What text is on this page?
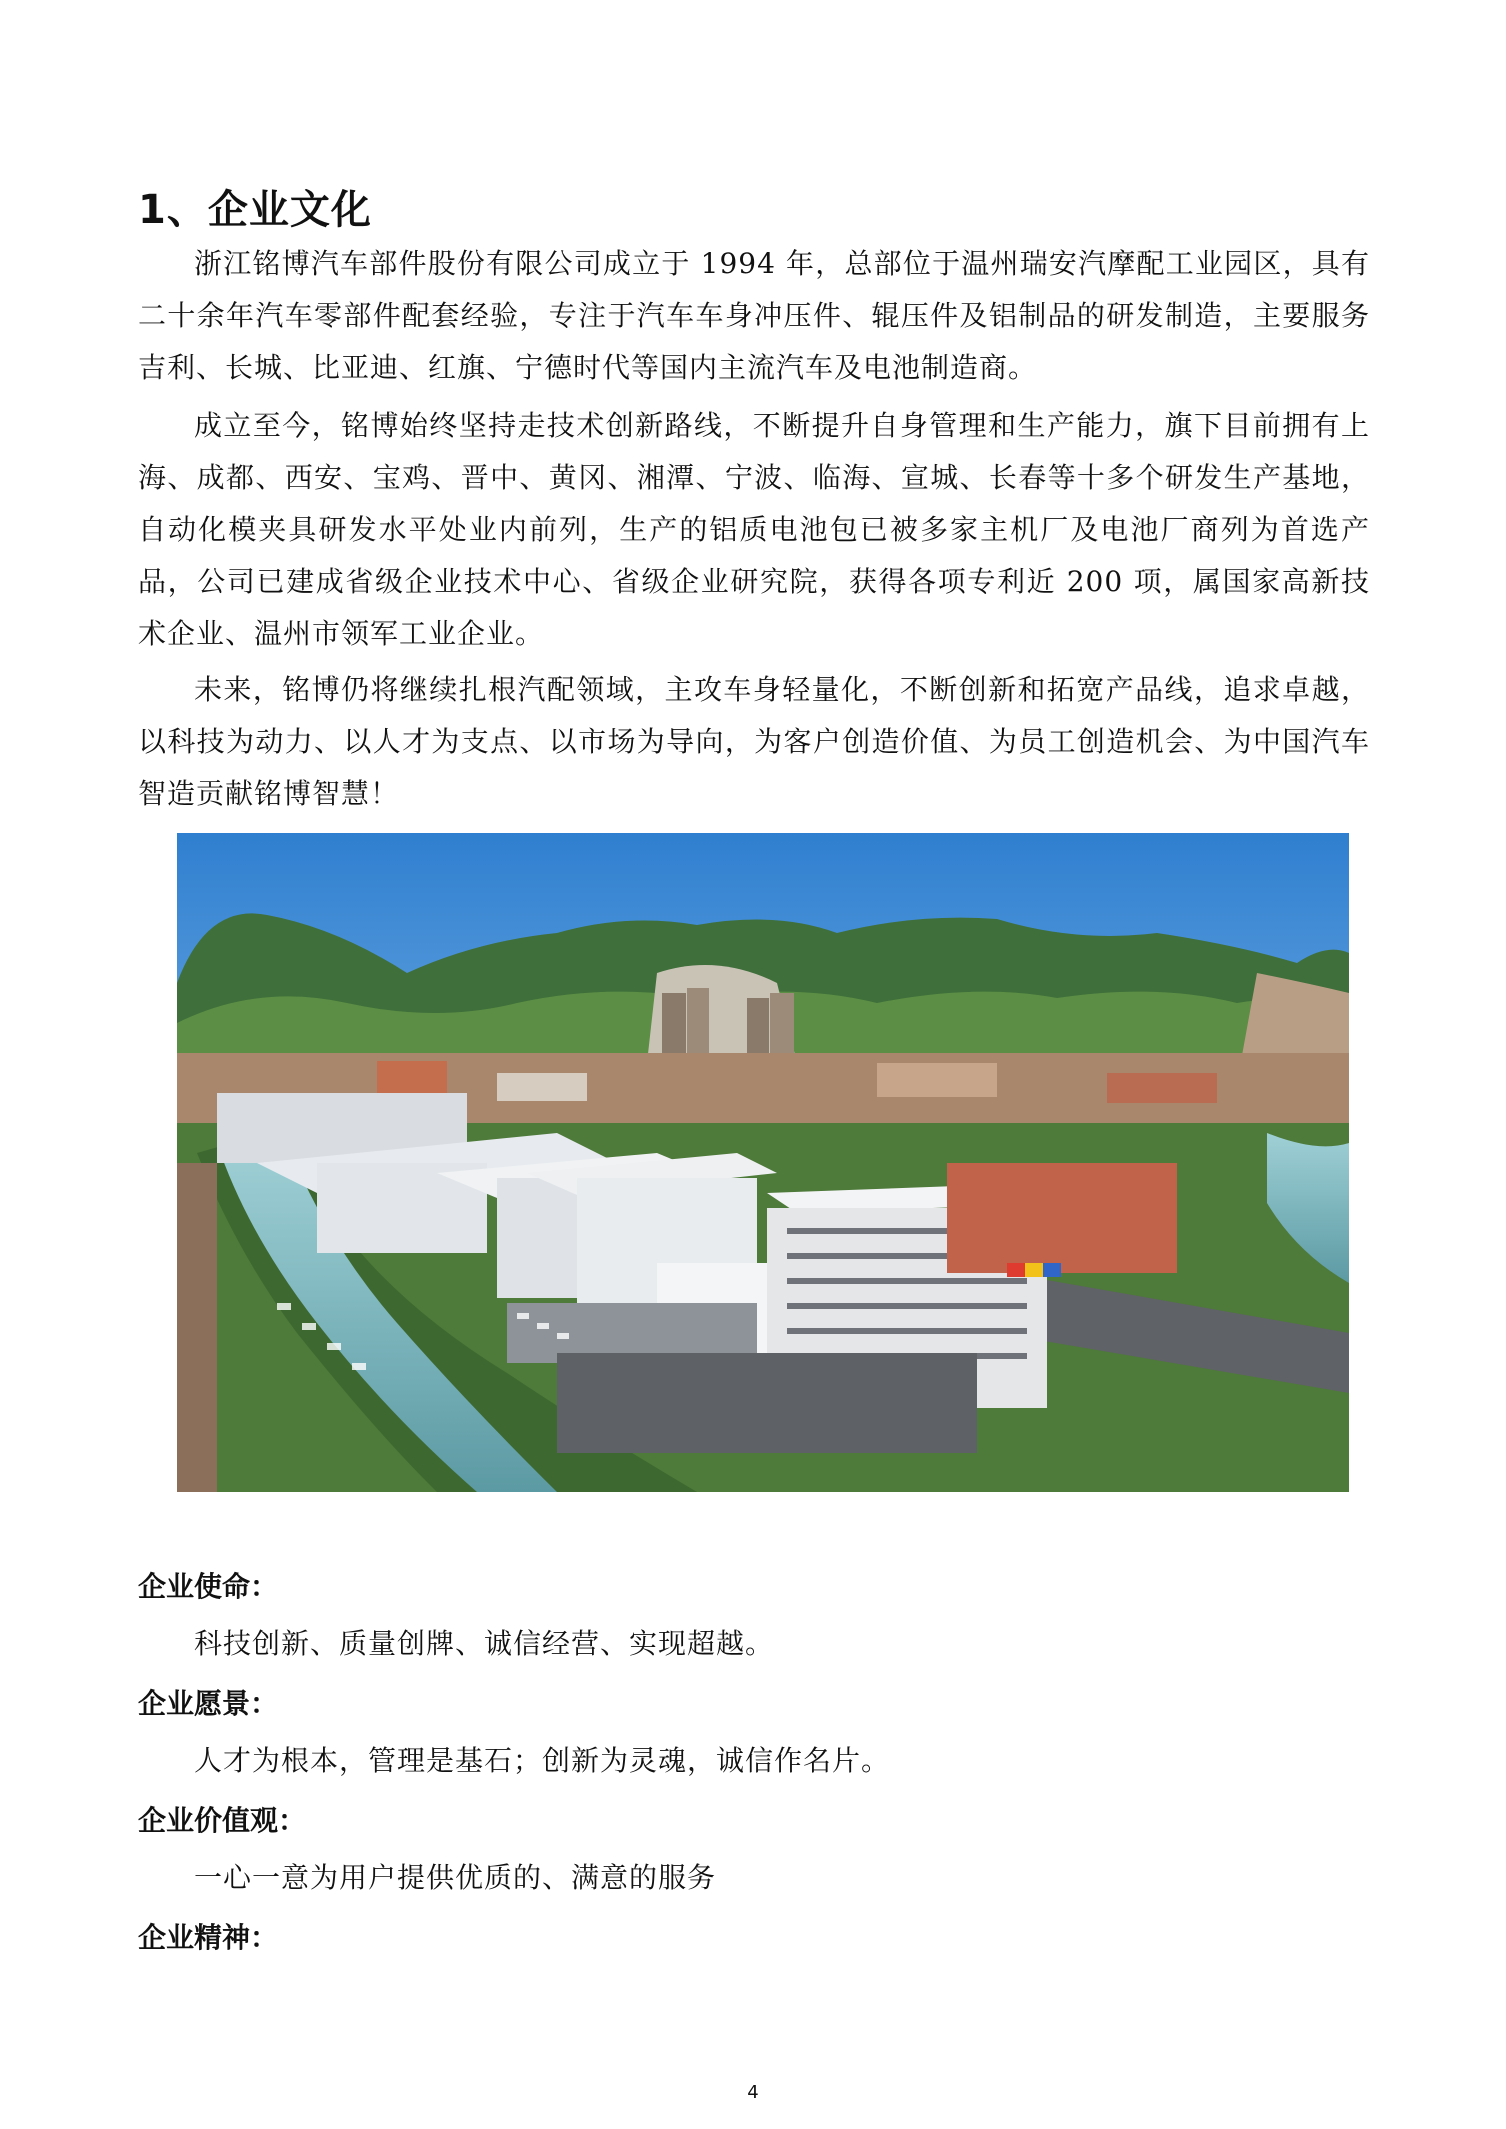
1、企业文化

浙江铭博汽车部件股份有限公司成立于 1994 年，总部位于温州瑞安汽摩配工业园区，具有二十余年汽车零部件配套经验，专注于汽车车身冲压件、辊压件及铝制品的研发制造，主要服务吉利、长城、比亚迪、红旗、宁德时代等国内主流汽车及电池制造商。

成立至今，铭博始终坚持走技术创新路线，不断提升自身管理和生产能力，旗下目前拥有上海、成都、西安、宝鸡、晋中、黄冈、湘潭、宁波、临海、宣城、长春等十多个研发生产基地，自动化模夹具研发水平处业内前列，生产的铝质电池包已被多家主机厂及电池厂商列为首选产品，公司已建成省级企业技术中心、省级企业研究院，获得各项专利近 200 项，属国家高新技术企业、温州市领军工业企业。

未来，铭博仍将继续扎根汽配领域，主攻车身轻量化，不断创新和拓宽产品线，追求卓越，以科技为动力、以人才为支点、以市场为导向，为客户创造价值、为员工创造机会、为中国汽车智造贡献铭博智慧！

企业使命：

科技创新、质量创牌、诚信经营、实现超越。

企业愿景：

人才为根本，管理是基石；创新为灵魂，诚信作名片。

企业价值观：

一心一意为用户提供优质的、满意的服务

企业精神：

4
